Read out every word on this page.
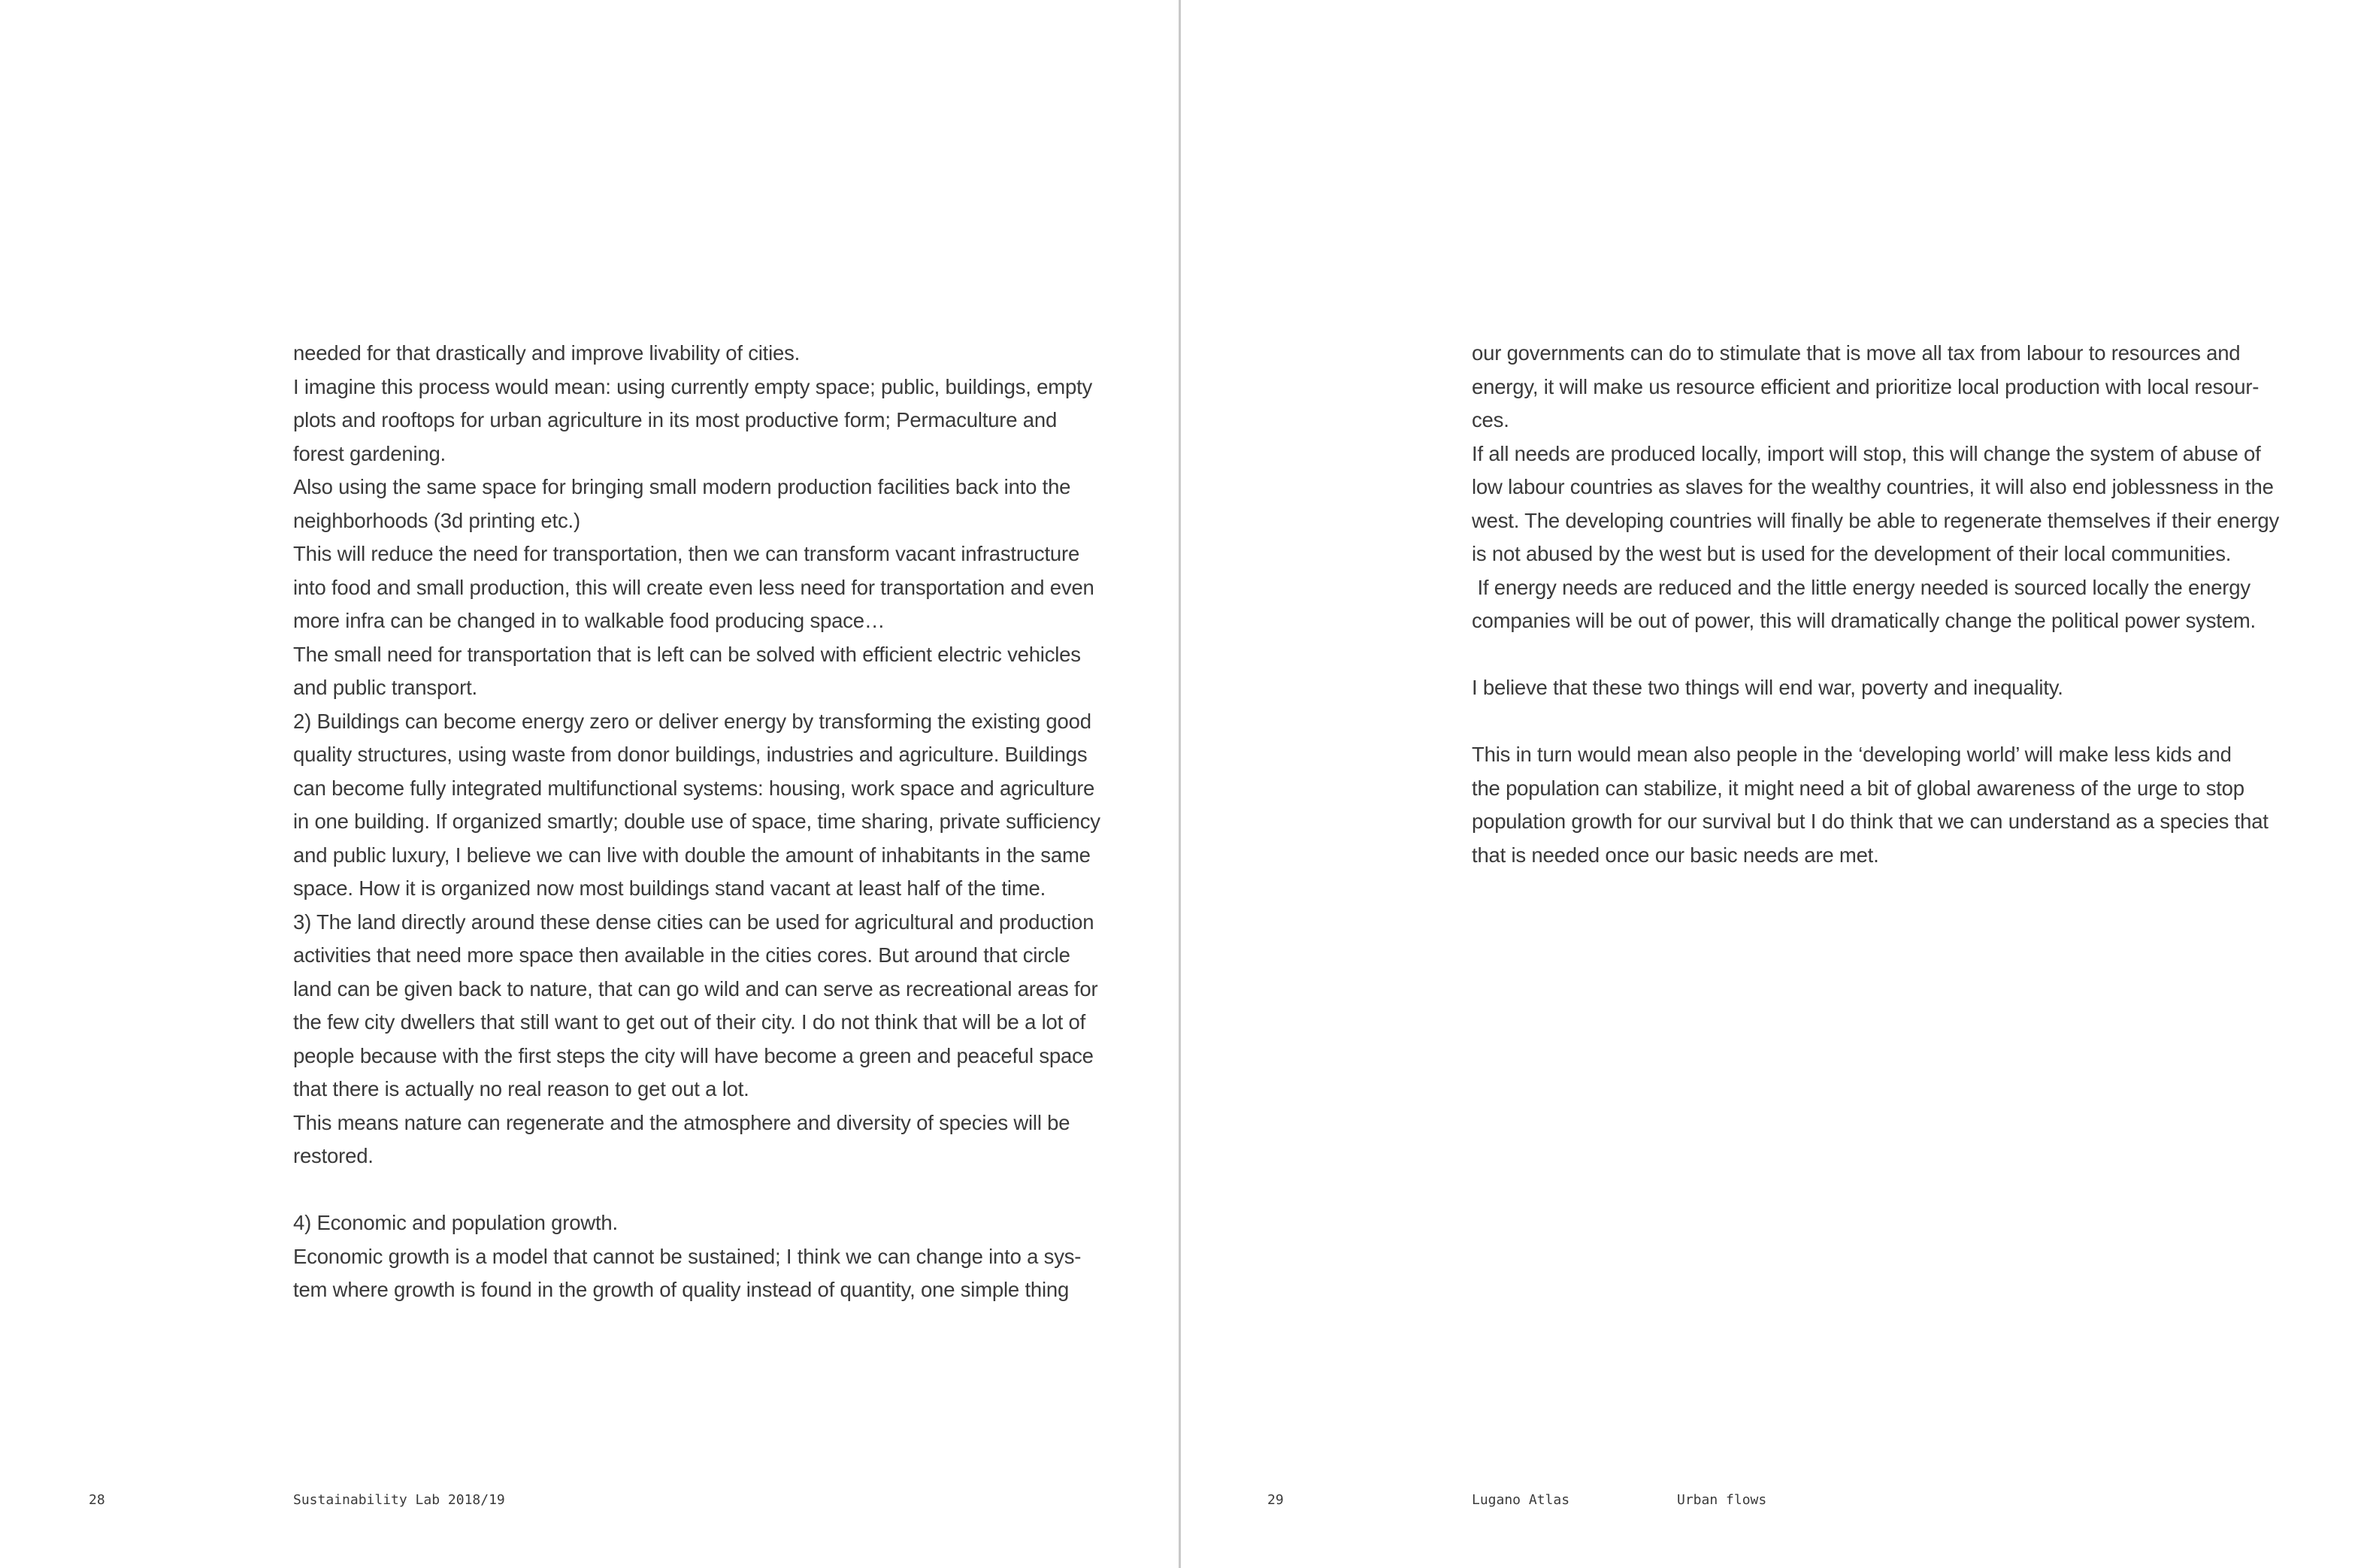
needed for that drastically and improve livability of cities.
I imagine this process would mean: using currently empty space; public, buildings, empty
plots and rooftops for urban agriculture in its most productive form; Permaculture and
forest gardening.
Also using the same space for bringing small modern production facilities back into the
neighborhoods (3d printing etc.)
This will reduce the need for transportation, then we can transform vacant infrastructure
into food and small production, this will create even less need for transportation and even
more infra can be changed in to walkable food producing space…
The small need for transportation that is left can be solved with efficient electric vehicles
and public transport.
2) Buildings can become energy zero or deliver energy by transforming the existing good
quality structures, using waste from donor buildings, industries and agriculture. Buildings
can become fully integrated multifunctional systems: housing, work space and agriculture
in one building. If organized smartly; double use of space, time sharing, private sufficiency
and public luxury, I believe we can live with double the amount of inhabitants in the same
space. How it is organized now most buildings stand vacant at least half of the time.
3) The land directly around these dense cities can be used for agricultural and production
activities that need more space then available in the cities cores. But around that circle
land can be given back to nature, that can go wild and can serve as recreational areas for
the few city dwellers that still want to get out of their city. I do not think that will be a lot of
people because with the first steps the city will have become a green and peaceful space
that there is actually no real reason to get out a lot.
This means nature can regenerate and the atmosphere and diversity of species will be
restored.
4) Economic and population growth.
Economic growth is a model that cannot be sustained; I think we can change into a sys-
tem where growth is found in the growth of quality instead of quantity, one simple thing
28	Sustainability Lab 2018/19
our governments can do to stimulate that is move all tax from labour to resources and
energy, it will make us resource efficient and prioritize local production with local resour-
ces.
If all needs are produced locally, import will stop, this will change the system of abuse of
low labour countries as slaves for the wealthy countries, it will also end joblessness in the
west. The developing countries will finally be able to regenerate themselves if their energy
is not abused by the west but is used for the development of their local communities.
If energy needs are reduced and the little energy needed is sourced locally the energy
companies will be out of power, this will dramatically change the political power system.
I believe that these two things will end war, poverty and inequality.
This in turn would mean also people in the ‘developing world’ will make less kids and
the population can stabilize, it might need a bit of global awareness of the urge to stop
population growth for our survival but I do think that we can understand as a species that
that is needed once our basic needs are met.
29	Lugano Atlas	Urban flows
